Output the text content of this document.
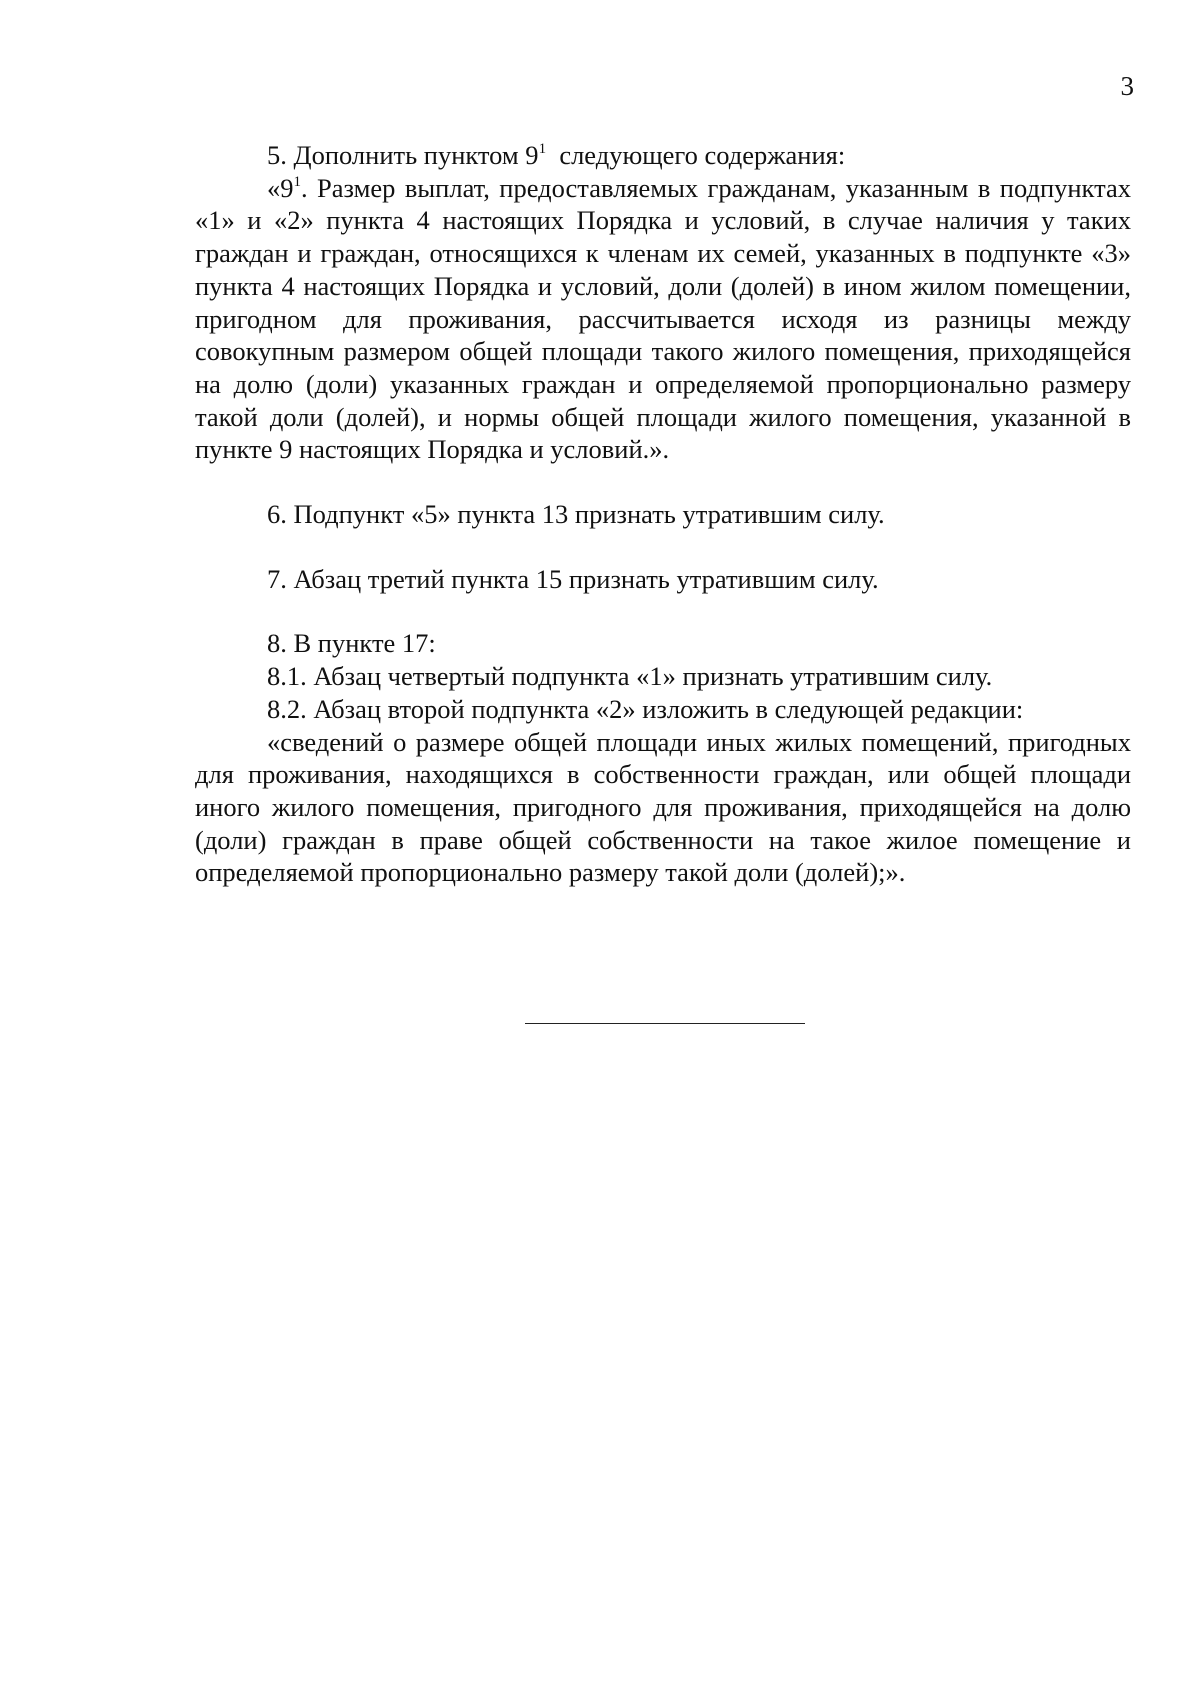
3

5. Дополнить пунктом $9^1$  следующего содержания:

«$9^1$. Размер выплат, предоставляемых гражданам, указанным в подпунктах «1» и «2» пункта 4 настоящих Порядка и условий, в случае наличия у таких граждан и граждан, относящихся к членам их семей, указанных в подпункте «3» пункта 4 настоящих Порядка и условий, доли (долей) в ином жилом помещении, пригодном для проживания, рассчитывается исходя из разницы между совокупным размером общей площади такого жилого помещения, приходящейся на долю (доли) указанных граждан и определяемой пропорционально размеру такой доли (долей), и нормы общей площади жилого помещения, указанной в пункте 9 настоящих Порядка и условий.».

6. Подпункт «5» пункта 13 признать утратившим силу.

7. Абзац третий пункта 15 признать утратившим силу.

8. В пункте 17:

8.1. Абзац четвертый подпункта «1» признать утратившим силу.

8.2. Абзац второй подпункта «2» изложить в следующей редакции:

«сведений о размере общей площади иных жилых помещений, пригодных для проживания, находящихся в собственности граждан, или общей площади иного жилого помещения, пригодного для проживания, приходящейся на долю (доли) граждан в праве общей собственности на такое жилое помещение и определяемой пропорционально размеру такой доли (долей);».
